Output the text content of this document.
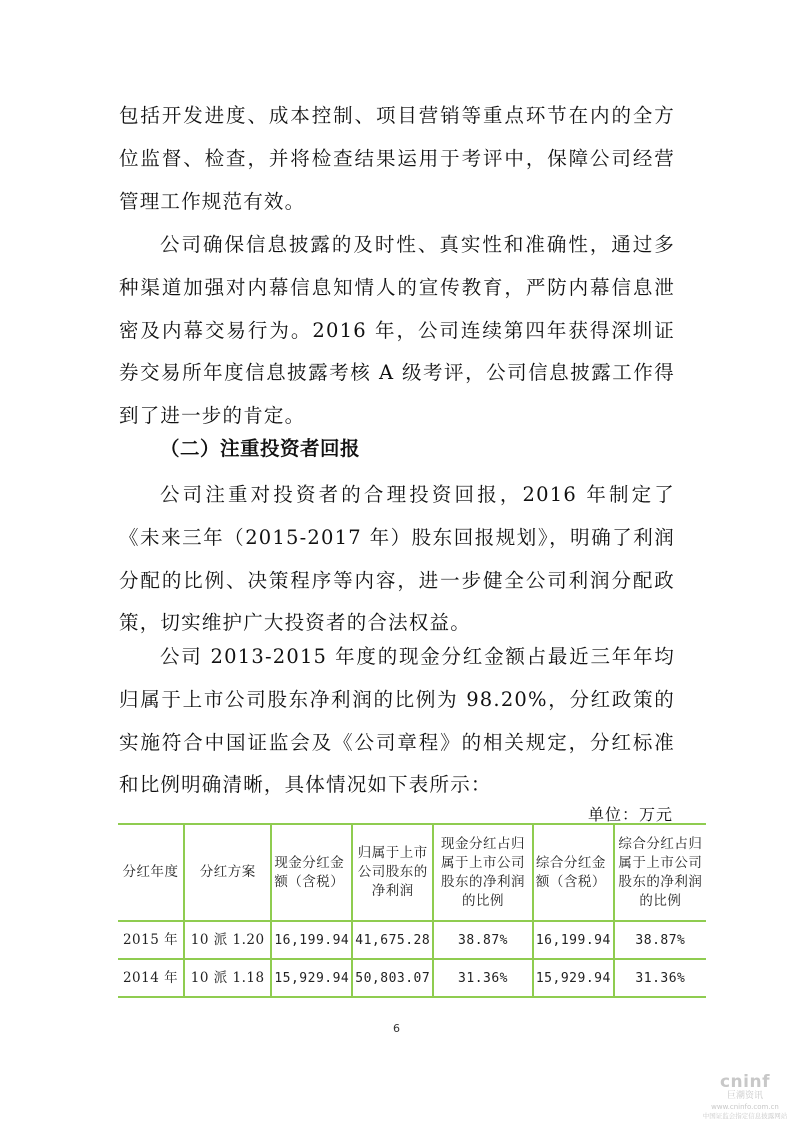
包括开发进度、成本控制、项目营销等重点环节在内的全方位监督、检查，并将检查结果运用于考评中，保障公司经营管理工作规范有效。

公司确保信息披露的及时性、真实性和准确性，通过多种渠道加强对内幕信息知情人的宣传教育，严防内幕信息泄密及内幕交易行为。2016 年，公司连续第四年获得深圳证券交易所年度信息披露考核 A 级考评，公司信息披露工作得到了进一步的肯定。

（二）注重投资者回报

公司注重对投资者的合理投资回报，2016 年制定了《未来三年（2015-2017 年）股东回报规划》，明确了利润分配的比例、决策程序等内容，进一步健全公司利润分配政策，切实维护广大投资者的合法权益。

公司 2013-2015 年度的现金分红金额占最近三年年均归属于上市公司股东净利润的比例为 98.20%，分红政策的实施符合中国证监会及《公司章程》的相关规定，分红标准和比例明确清晰，具体情况如下表所示：

单位：万元
分红年度	分红方案	现金分红金额（含税）	归属于上市公司股东的净利润	现金分红占归属于上市公司股东的净利润的比例	综合分红金额（含税）	综合分红占归属于上市公司股东的净利润的比例
2015 年	10 派 1.20	16,199.94	41,675.28	38.87%	16,199.94	38.87%
2014 年	10 派 1.18	15,929.94	50,803.07	31.36%	15,929.94	31.36%
6
cninf
巨潮资讯
www.cninfo.com.cn
中国证监会指定信息披露网站
